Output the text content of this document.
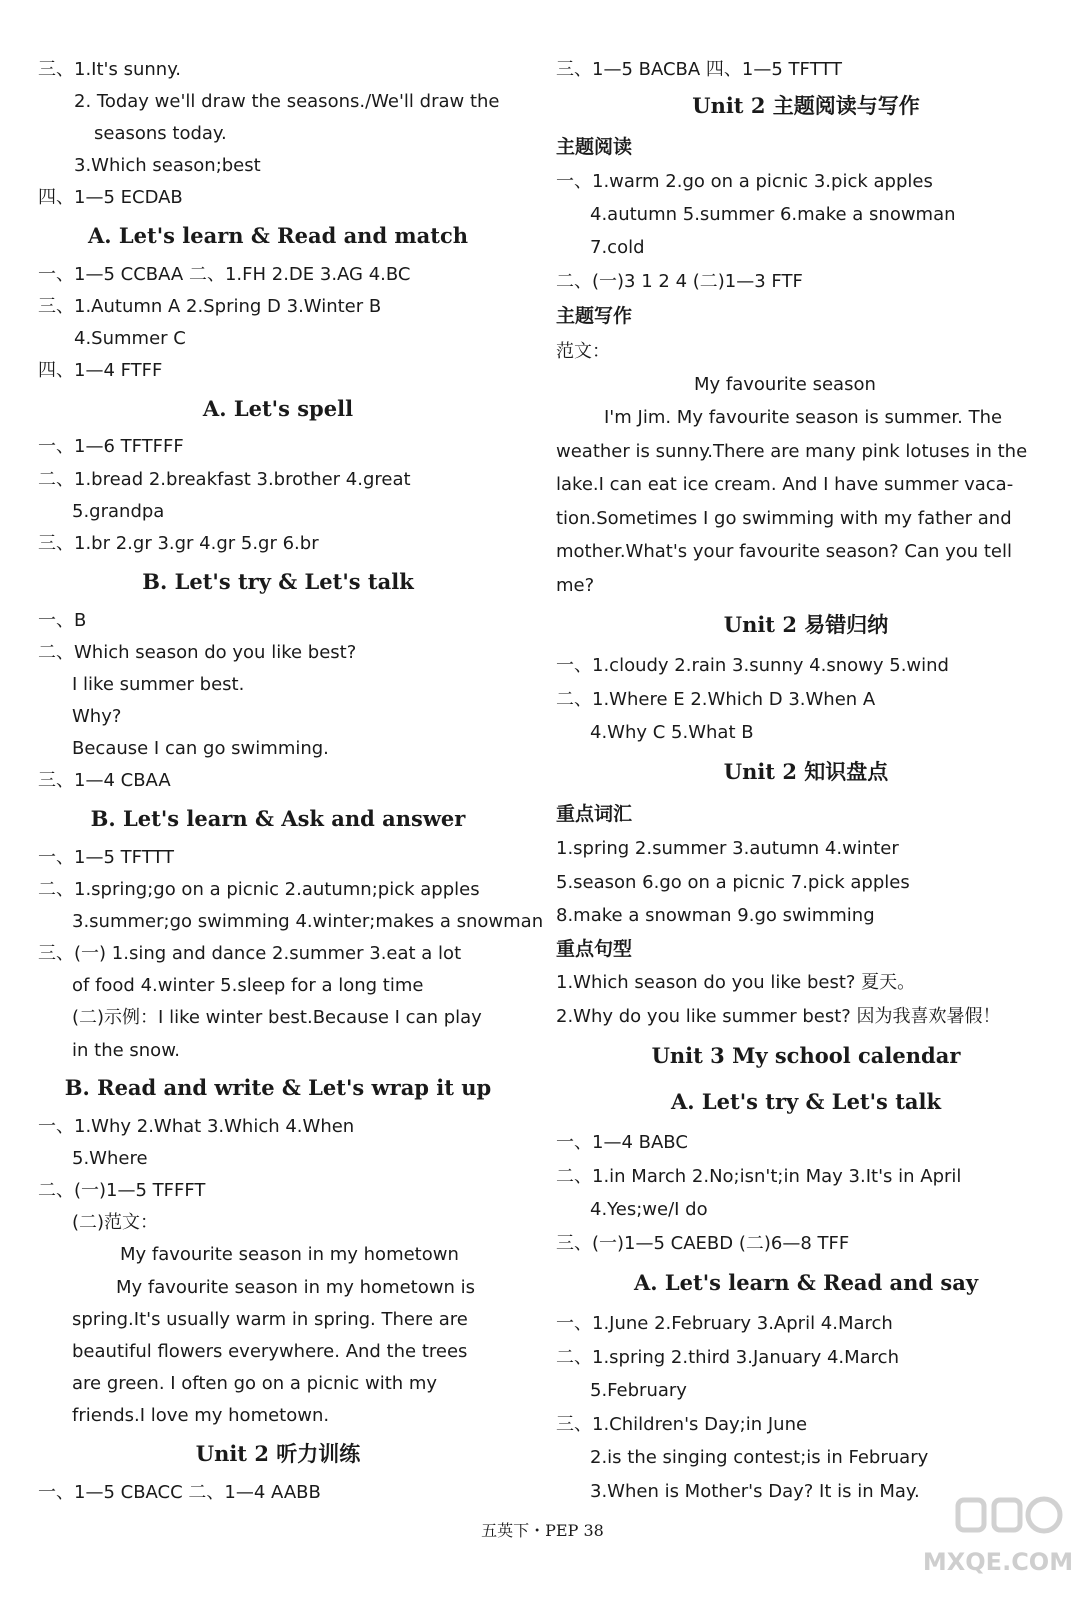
三、1.It's sunny.
2. Today we'll draw the seasons./We'll draw the
seasons today.
3.Which season;best
四、1—5 ECDAB
A. Let's learn & Read and match
一、1—5 CCBAA 二、1.FH 2.DE 3.AG 4.BC
三、1.Autumn A 2.Spring D 3.Winter B
4.Summer C
四、1—4 FTFF
A. Let's spell
一、1—6 TFTFFF
二、1.bread 2.breakfast 3.brother 4.great
5.grandpa
三、1.br 2.gr 3.gr 4.gr 5.gr 6.br
B. Let's try & Let's talk
一、B
二、Which season do you like best?
I like summer best.
Why?
Because I can go swimming.
三、1—4 CBAA
B. Let's learn & Ask and answer
一、1—5 TFTTT
二、1.spring;go on a picnic 2.autumn;pick apples
3.summer;go swimming 4.winter;makes a snowman
三、(一) 1.sing and dance 2.summer 3.eat a lot
of food 4.winter 5.sleep for a long time
(二)示例：I like winter best.Because I can play
in the snow.
B. Read and write & Let's wrap it up
一、1.Why 2.What 3.Which 4.When
5.Where
二、(一)1—5 TFFFT
(二)范文：
My favourite season in my hometown
My favourite season in my hometown is
spring.It's usually warm in spring. There are
beautiful flowers everywhere. And the trees
are green. I often go on a picnic with my
friends.I love my hometown.
Unit 2 听力训练
一、1—5 CBACC 二、1—4 AABB
三、1—5 BACBA 四、1—5 TFTTT
Unit 2 主题阅读与写作
主题阅读
一、1.warm 2.go on a picnic 3.pick apples
4.autumn 5.summer 6.make a snowman
7.cold
二、(一)3 1 2 4 (二)1—3 FTF
主题写作
范文：
My favourite season
I'm Jim. My favourite season is summer. The
weather is sunny.There are many pink lotuses in the
lake.I can eat ice cream. And I have summer vaca-
tion.Sometimes I go swimming with my father and
mother.What's your favourite season? Can you tell
me?
Unit 2 易错归纳
一、1.cloudy 2.rain 3.sunny 4.snowy 5.wind
二、1.Where E 2.Which D 3.When A
4.Why C 5.What B
Unit 2 知识盘点
重点词汇
1.spring 2.summer 3.autumn 4.winter
5.season 6.go on a picnic 7.pick apples
8.make a snowman 9.go swimming
重点句型
1.Which season do you like best? 夏天。
2.Why do you like summer best? 因为我喜欢暑假！
Unit 3 My school calendar
A. Let's try & Let's talk
一、1—4 BABC
二、1.in March 2.No;isn't;in May 3.It's in April
4.Yes;we/I do
三、(一)1—5 CAEBD (二)6—8 TFF
A. Let's learn & Read and say
一、1.June 2.February 3.April 4.March
二、1.spring 2.third 3.January 4.March
5.February
三、1.Children's Day;in June
2.is the singing contest;is in February
3.When is Mother's Day? It is in May.
五英下・PEP 38
MXQE.COM
